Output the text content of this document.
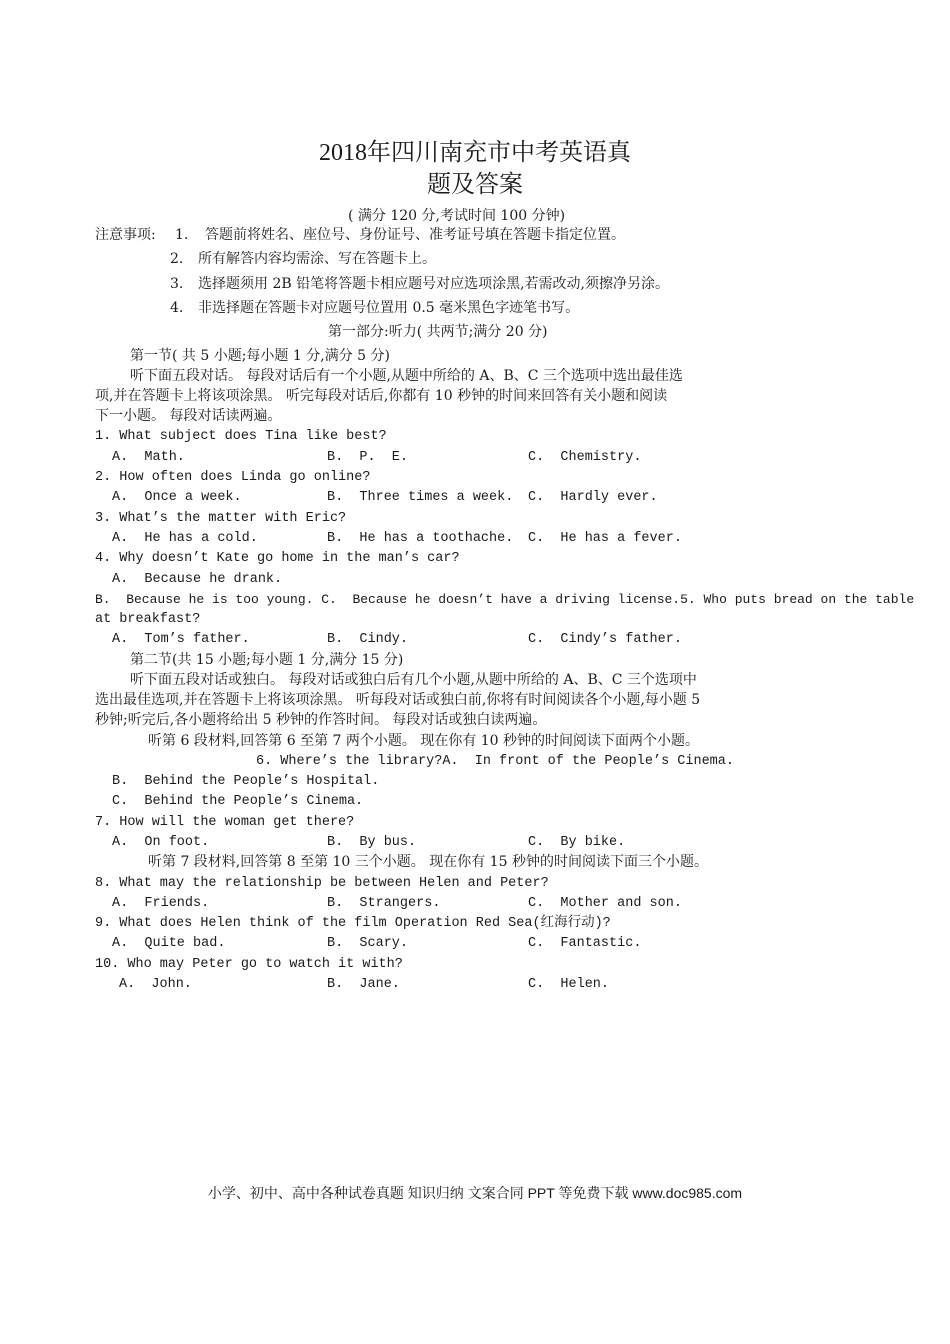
2018年四川南充市中考英语真
题及答案
( 满分 120 分,考试时间 100 分钟)
注意事项: 1. 答题前将姓名、座位号、身份证号、准考证号填在答题卡指定位置。
2. 所有解答内容均需涂、写在答题卡上。
3. 选择题须用 2B 铅笔将答题卡相应题号对应选项涂黑,若需改动,须擦净另涂。
4. 非选择题在答题卡对应题号位置用 0.5 毫米黑色字迹笔书写。
第一部分:听力( 共两节;满分 20 分)
第一节( 共 5 小题;每小题 1 分,满分 5 分)
听下面五段对话。 每段对话后有一个小题,从题中所给的 A、B、C 三个选项中选出最佳选
项,并在答题卡上将该项涂黑。 听完每段对话后,你都有 10 秒钟的时间来回答有关小题和阅读
下一小题。 每段对话读两遍。
1. What subject does Tina like best?
A.  Math.	B.  P.  E.	C.  Chemistry.
2. How often does Linda go online?
A.  Once a week.	B.  Three times a week. C.  Hardly ever.
3. What’s the matter with Eric?
A.  He has a cold.	B.  He has a toothache. C.  He has a fever.
4. Why doesn’t Kate go home in the man’s car?
A.  Because he drank.
B.  Because he is too young. C.  Because he doesn’t have a driving license.5. Who puts bread on the table
at breakfast?
A.  Tom’s father.	B.  Cindy.	C.  Cindy’s father.
第二节(共 15 小题;每小题 1 分,满分 15 分)
听下面五段对话或独白。 每段对话或独白后有几个小题,从题中所给的 A、B、C 三个选项中
选出最佳选项,并在答题卡上将该项涂黑。 听每段对话或独白前,你将有时间阅读各个小题,每小题 5
秒钟;听完后,各小题将给出 5 秒钟的作答时间。 每段对话或独白读两遍。
听第 6 段材料,回答第 6 至第 7 两个小题。 现在你有 10 秒钟的时间阅读下面两个小题。
6. Where’s the library?A.  In front of the People’s Cinema.
B.  Behind the People’s Hospital.
C.  Behind the People’s Cinema.
7. How will the woman get there?
A.  On foot.	B.  By bus.	C.  By bike.
听第 7 段材料,回答第 8 至第 10 三个小题。 现在你有 15 秒钟的时间阅读下面三个小题。
8. What may the relationship be between Helen and Peter?
A.  Friends.	B.  Strangers.	C.  Mother and son.
9. What does Helen think of the film Operation Red Sea(红海行动)?
A.  Quite bad.	B.  Scary.	C.  Fantastic.
10. Who may Peter go to watch it with?
A.  John.	B.  Jane.	C.  Helen.
小学、初中、高中各种试卷真题 知识归纳 文案合同 PPT 等免费下载 www.doc985.com
